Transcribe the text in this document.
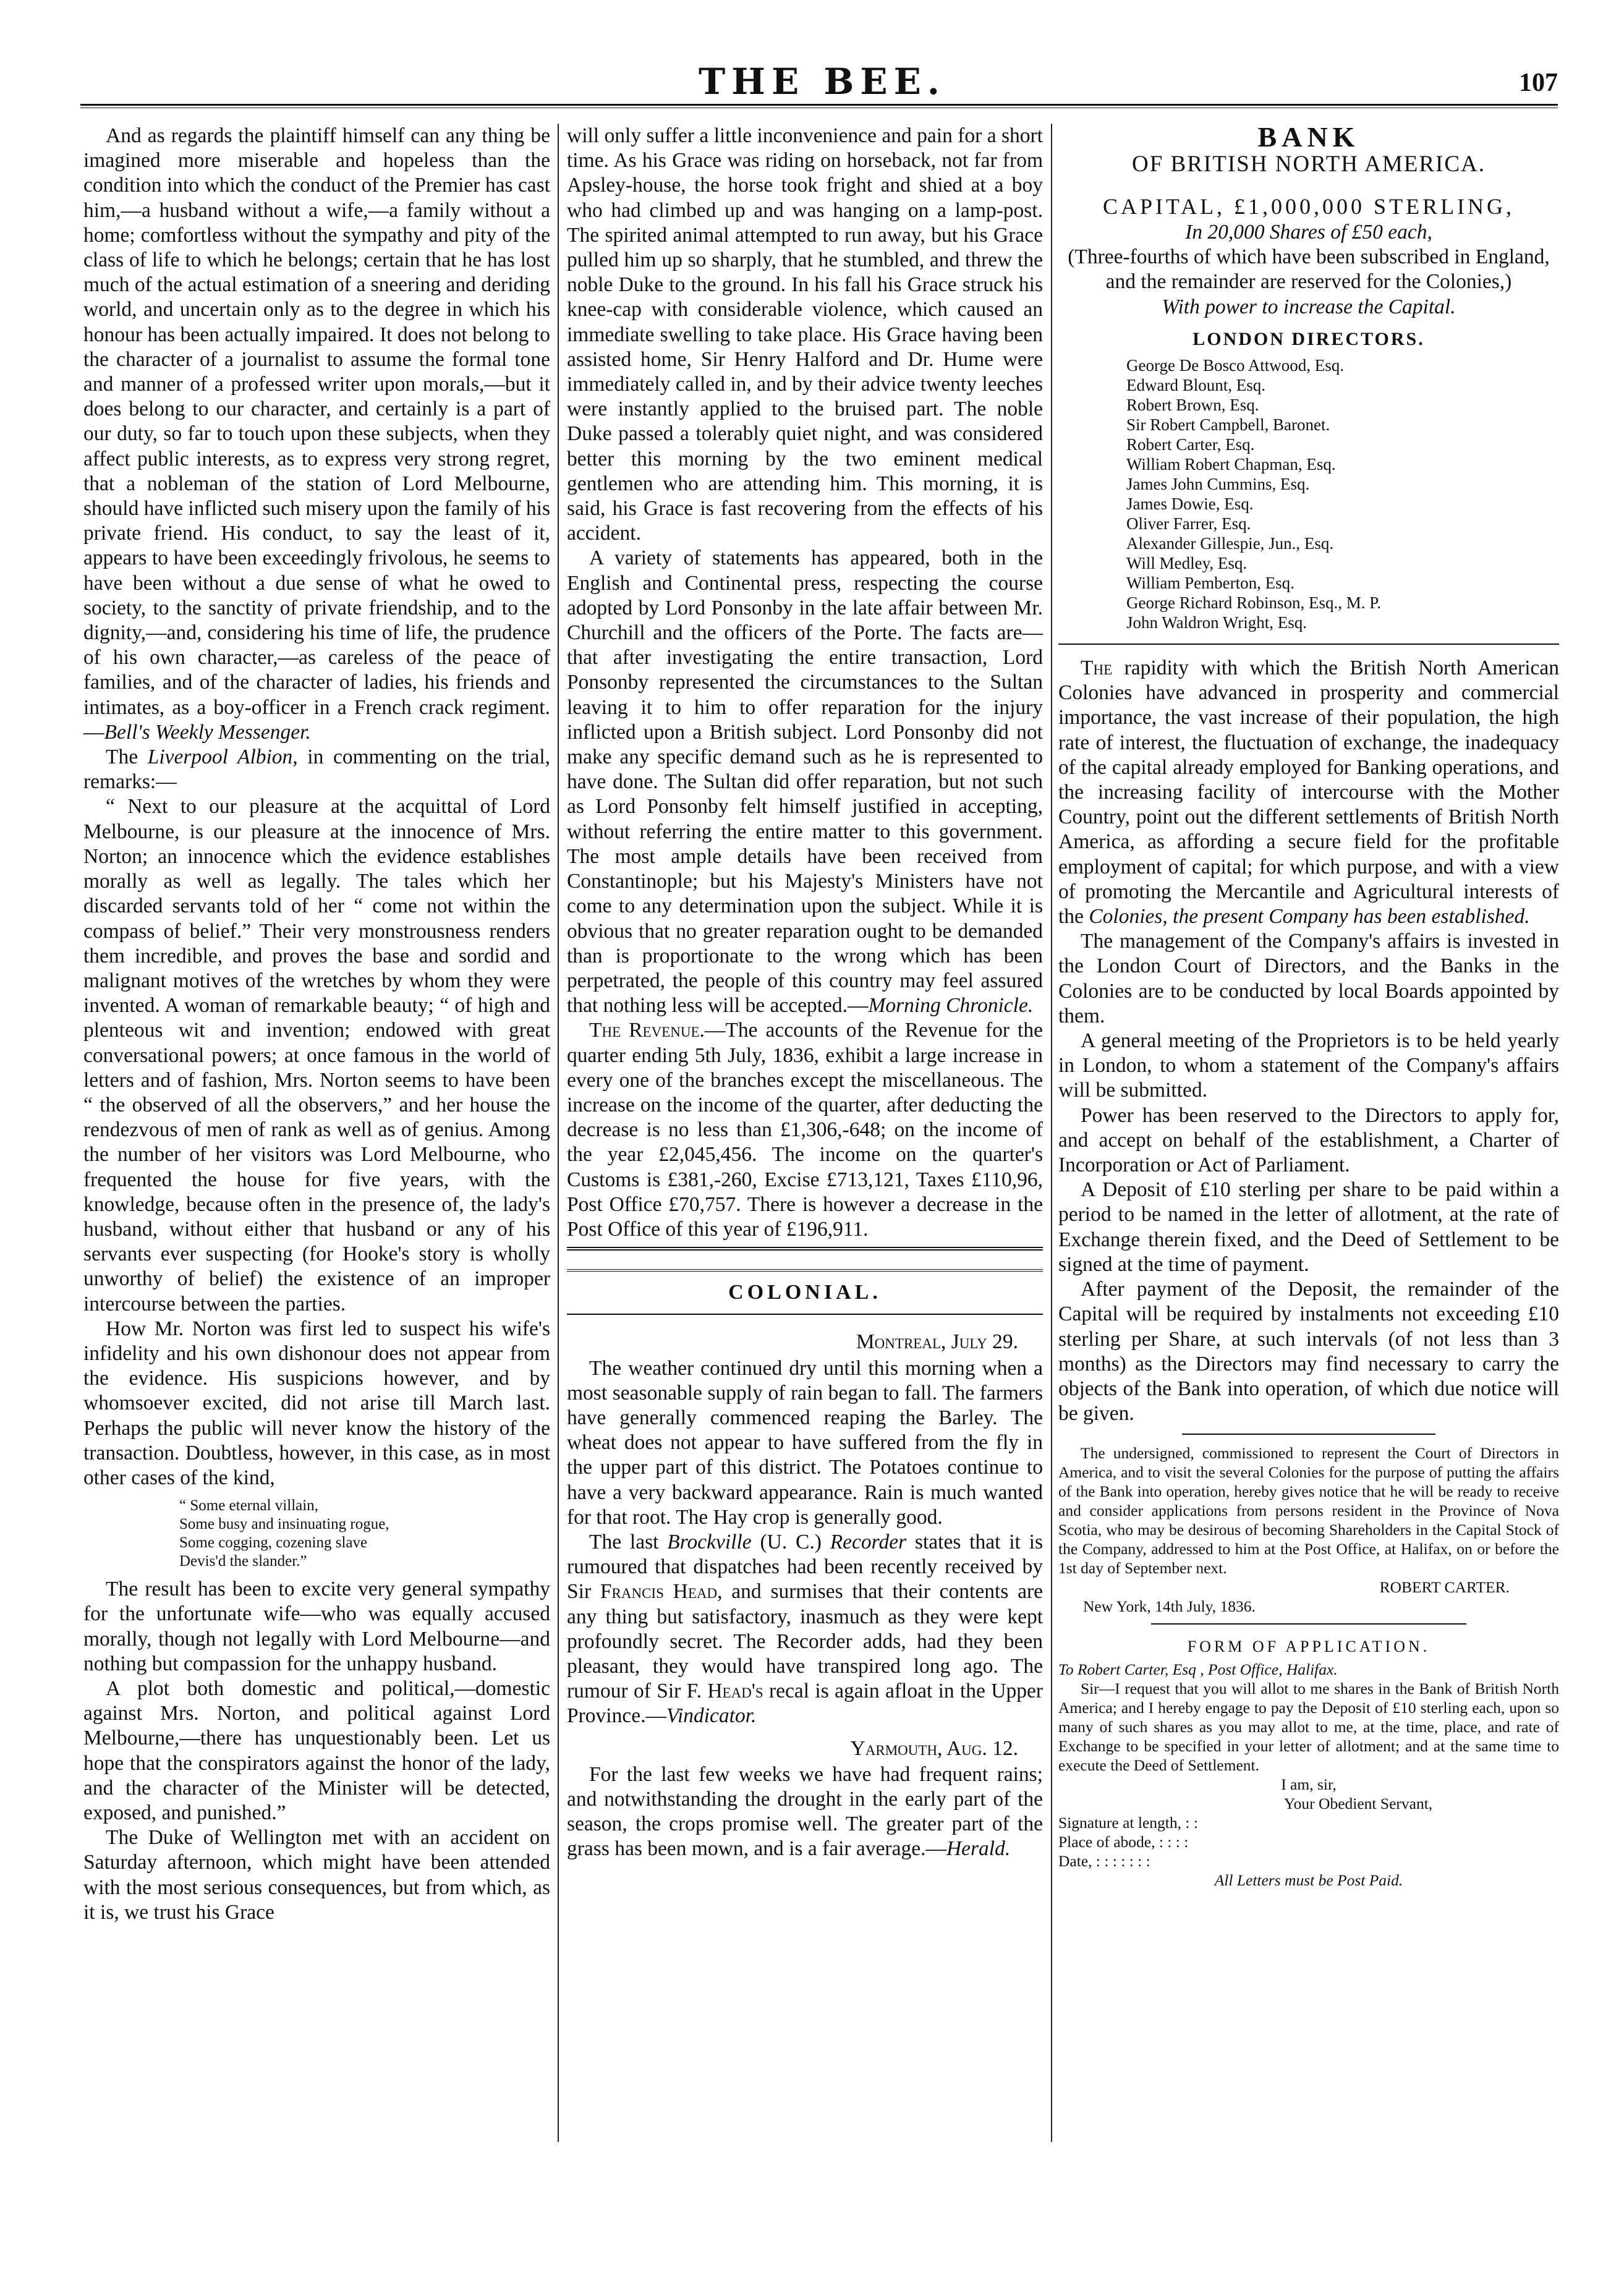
THE BEE.	107

And as regards the plaintiff himself can any thing be imagined more miserable and hopeless than the condition into which the conduct of the Premier has cast him,—a husband without a wife,—a family without a home; comfortless without the sympathy and pity of the class of life to which he belongs; certain that he has lost much of the actual estimation of a sneering and deriding world, and uncertain only as to the degree in which his honour has been actually impaired. It does not belong to the character of a journalist to assume the formal tone and manner of a professed writer upon morals,—but it does belong to our character, and certainly is a part of our duty, so far to touch upon these subjects, when they affect public interests, as to express very strong regret, that a nobleman of the station of Lord Melbourne, should have inflicted such misery upon the family of his private friend. His conduct, to say the least of it, appears to have been exceedingly frivolous, he seems to have been without a due sense of what he owed to society, to the sanctity of private friendship, and to the dignity,—and, considering his time of life, the prudence of his own character,—as careless of the peace of families, and of the character of ladies, his friends and intimates, as a boy-officer in a French crack regiment.—Bell's Weekly Messenger.

The Liverpool Albion, in commenting on the trial, remarks:—

“ Next to our pleasure at the acquittal of Lord Melbourne, is our pleasure at the innocence of Mrs. Norton; an innocence which the evidence establishes morally as well as legally. The tales which her discarded servants told of her “ come not within the compass of belief.” Their very monstrousness renders them incredible, and proves the base and sordid and malignant motives of the wretches by whom they were invented. A woman of remarkable beauty; “ of high and plenteous wit and invention; endowed with great conversational powers; at once famous in the world of letters and of fashion, Mrs. Norton seems to have been “ the observed of all the observers,” and her house the rendezvous of men of rank as well as of genius. Among the number of her visitors was Lord Melbourne, who frequented the house for five years, with the knowledge, because often in the presence of, the lady's husband, without either that husband or any of his servants ever suspecting (for Hooke's story is wholly unworthy of belief) the existence of an improper intercourse between the parties.

How Mr. Norton was first led to suspect his wife's infidelity and his own dishonour does not appear from the evidence. His suspicions however, and by whomsoever excited, did not arise till March last. Perhaps the public will never know the history of the transaction. Doubtless, however, in this case, as in most other cases of the kind,

“ Some eternal villain,
Some busy and insinuating rogue,
Some cogging, cozening slave
Devis'd the slander.”

The result has been to excite very general sympathy for the unfortunate wife—who was equally accused morally, though not legally with Lord Melbourne—and nothing but compassion for the unhappy husband.

A plot both domestic and political,—domestic against Mrs. Norton, and political against Lord Melbourne,—there has unquestionably been. Let us hope that the conspirators against the honor of the lady, and the character of the Minister will be detected, exposed, and punished.”

The Duke of Wellington met with an accident on Saturday afternoon, which might have been attended with the most serious consequences, but from which, as it is, we trust his Grace

will only suffer a little inconvenience and pain for a short time. As his Grace was riding on horseback, not far from Apsley-house, the horse took fright and shied at a boy who had climbed up and was hanging on a lamp-post. The spirited animal attempted to run away, but his Grace pulled him up so sharply, that he stumbled, and threw the noble Duke to the ground. In his fall his Grace struck his knee-cap with considerable violence, which caused an immediate swelling to take place. His Grace having been assisted home, Sir Henry Halford and Dr. Hume were immediately called in, and by their advice twenty leeches were instantly applied to the bruised part. The noble Duke passed a tolerably quiet night, and was considered better this morning by the two eminent medical gentlemen who are attending him. This morning, it is said, his Grace is fast recovering from the effects of his accident.

A variety of statements has appeared, both in the English and Continental press, respecting the course adopted by Lord Ponsonby in the late affair between Mr. Churchill and the officers of the Porte. The facts are—that after investigating the entire transaction, Lord Ponsonby represented the circumstances to the Sultan leaving it to him to offer reparation for the injury inflicted upon a British subject. Lord Ponsonby did not make any specific demand such as he is represented to have done. The Sultan did offer reparation, but not such as Lord Ponsonby felt himself justified in accepting, without referring the entire matter to this government. The most ample details have been received from Constantinople; but his Majesty's Ministers have not come to any determination upon the subject. While it is obvious that no greater reparation ought to be demanded than is proportionate to the wrong which has been perpetrated, the people of this country may feel assured that nothing less will be accepted.—Morning Chronicle.

The Revenue.—The accounts of the Revenue for the quarter ending 5th July, 1836, exhibit a large increase in every one of the branches except the miscellaneous. The increase on the income of the quarter, after deducting the decrease is no less than £1,306,-648; on the income of the year £2,045,456. The income on the quarter's Customs is £381,-260, Excise £713,121, Taxes £110,96, Post Office £70,757. There is however a decrease in the Post Office of this year of £196,911.

COLONIAL.
Montreal, July 29.

The weather continued dry until this morning when a most seasonable supply of rain began to fall. The farmers have generally commenced reaping the Barley. The wheat does not appear to have suffered from the fly in the upper part of this district. The Potatoes continue to have a very backward appearance. Rain is much wanted for that root. The Hay crop is generally good.

The last Brockville (U. C.) Recorder states that it is rumoured that dispatches had been recently received by Sir Francis Head, and surmises that their contents are any thing but satisfactory, inasmuch as they were kept profoundly secret. The Recorder adds, had they been pleasant, they would have transpired long ago. The rumour of Sir F. Head's recal is again afloat in the Upper Province.—Vindicator.

Yarmouth, Aug. 12.

For the last few weeks we have had frequent rains; and notwithstanding the drought in the early part of the season, the crops promise well. The greater part of the grass has been mown, and is a fair average.—Herald.

BANK
OF BRITISH NORTH AMERICA.
CAPITAL, £1,000,000 STERLING,
In 20,000 Shares of £50 each,
(Three-fourths of which have been subscribed in England, and the remainder are reserved for the Colonies,)
With power to increase the Capital.
LONDON DIRECTORS.
George De Bosco Attwood, Esq.
Edward Blount, Esq.
Robert Brown, Esq.
Sir Robert Campbell, Baronet.
Robert Carter, Esq.
William Robert Chapman, Esq.
James John Cummins, Esq.
James Dowie, Esq.
Oliver Farrer, Esq.
Alexander Gillespie, Jun., Esq.
Will Medley, Esq.
William Pemberton, Esq.
George Richard Robinson, Esq., M. P.
John Waldron Wright, Esq.

The rapidity with which the British North American Colonies have advanced in prosperity and commercial importance, the vast increase of their population, the high rate of interest, the fluctuation of exchange, the inadequacy of the capital already employed for Banking operations, and the increasing facility of intercourse with the Mother Country, point out the different settlements of British North America, as affording a secure field for the profitable employment of capital; for which purpose, and with a view of promoting the Mercantile and Agricultural interests of the Colonies, the present Company has been established.

The management of the Company's affairs is invested in the London Court of Directors, and the Banks in the Colonies are to be conducted by local Boards appointed by them.

A general meeting of the Proprietors is to be held yearly in London, to whom a statement of the Company's affairs will be submitted.

Power has been reserved to the Directors to apply for, and accept on behalf of the establishment, a Charter of Incorporation or Act of Parliament.

A Deposit of £10 sterling per share to be paid within a period to be named in the letter of allotment, at the rate of Exchange therein fixed, and the Deed of Settlement to be signed at the time of payment.

After payment of the Deposit, the remainder of the Capital will be required by instalments not exceeding £10 sterling per Share, at such intervals (of not less than 3 months) as the Directors may find necessary to carry the objects of the Bank into operation, of which due notice will be given.

The undersigned, commissioned to represent the Court of Directors in America, and to visit the several Colonies for the purpose of putting the affairs of the Bank into operation, hereby gives notice that he will be ready to receive and consider applications from persons resident in the Province of Nova Scotia, who may be desirous of becoming Shareholders in the Capital Stock of the Company, addressed to him at the Post Office, at Halifax, on or before the 1st day of September next.

ROBERT CARTER.
New York, 14th July, 1836.
FORM OF APPLICATION.
To Robert Carter, Esq , Post Office, Halifax.

Sir—I request that you will allot to me shares in the Bank of British North America; and I hereby engage to pay the Deposit of £10 sterling each, upon so many of such shares as you may allot to me, at the time, place, and rate of Exchange to be specified in your letter of allotment; and at the same time to execute the Deed of Settlement.

I am, sir,
Your Obedient Servant,
Signature at length, : :
Place of abode, : : : :
Date, : : : : : : :
All Letters must be Post Paid.
